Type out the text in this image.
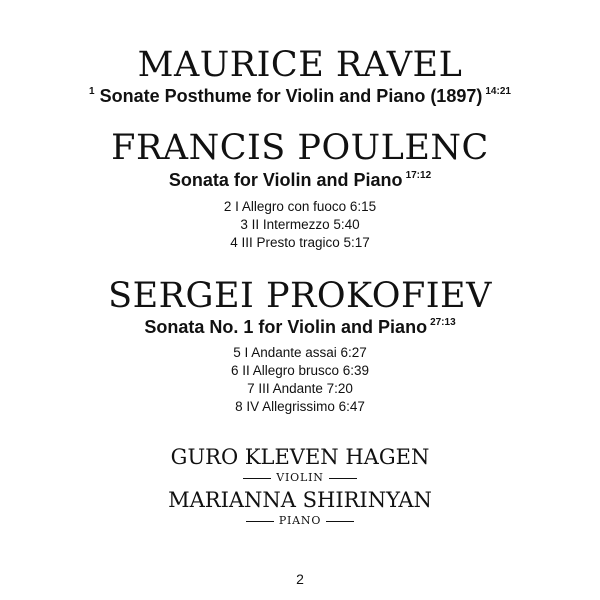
MAURICE RAVEL
$^1$ Sonate Posthume for Violin and Piano (1897) $^{14:21}$
FRANCIS POULENC
Sonata for Violin and Piano $^{17:12}$
2 I Allegro con fuoco 6:15
3 II Intermezzo 5:40
4 III Presto tragico 5:17
SERGEI PROKOFIEV
Sonata No. 1 for Violin and Piano $^{27:13}$
5 I Andante assai 6:27
6 II Allegro brusco 6:39
7 III Andante 7:20
8 IV Allegrissimo 6:47
GURO KLEVEN HAGEN
VIOLIN
MARIANNA SHIRINYAN
PIANO
2
